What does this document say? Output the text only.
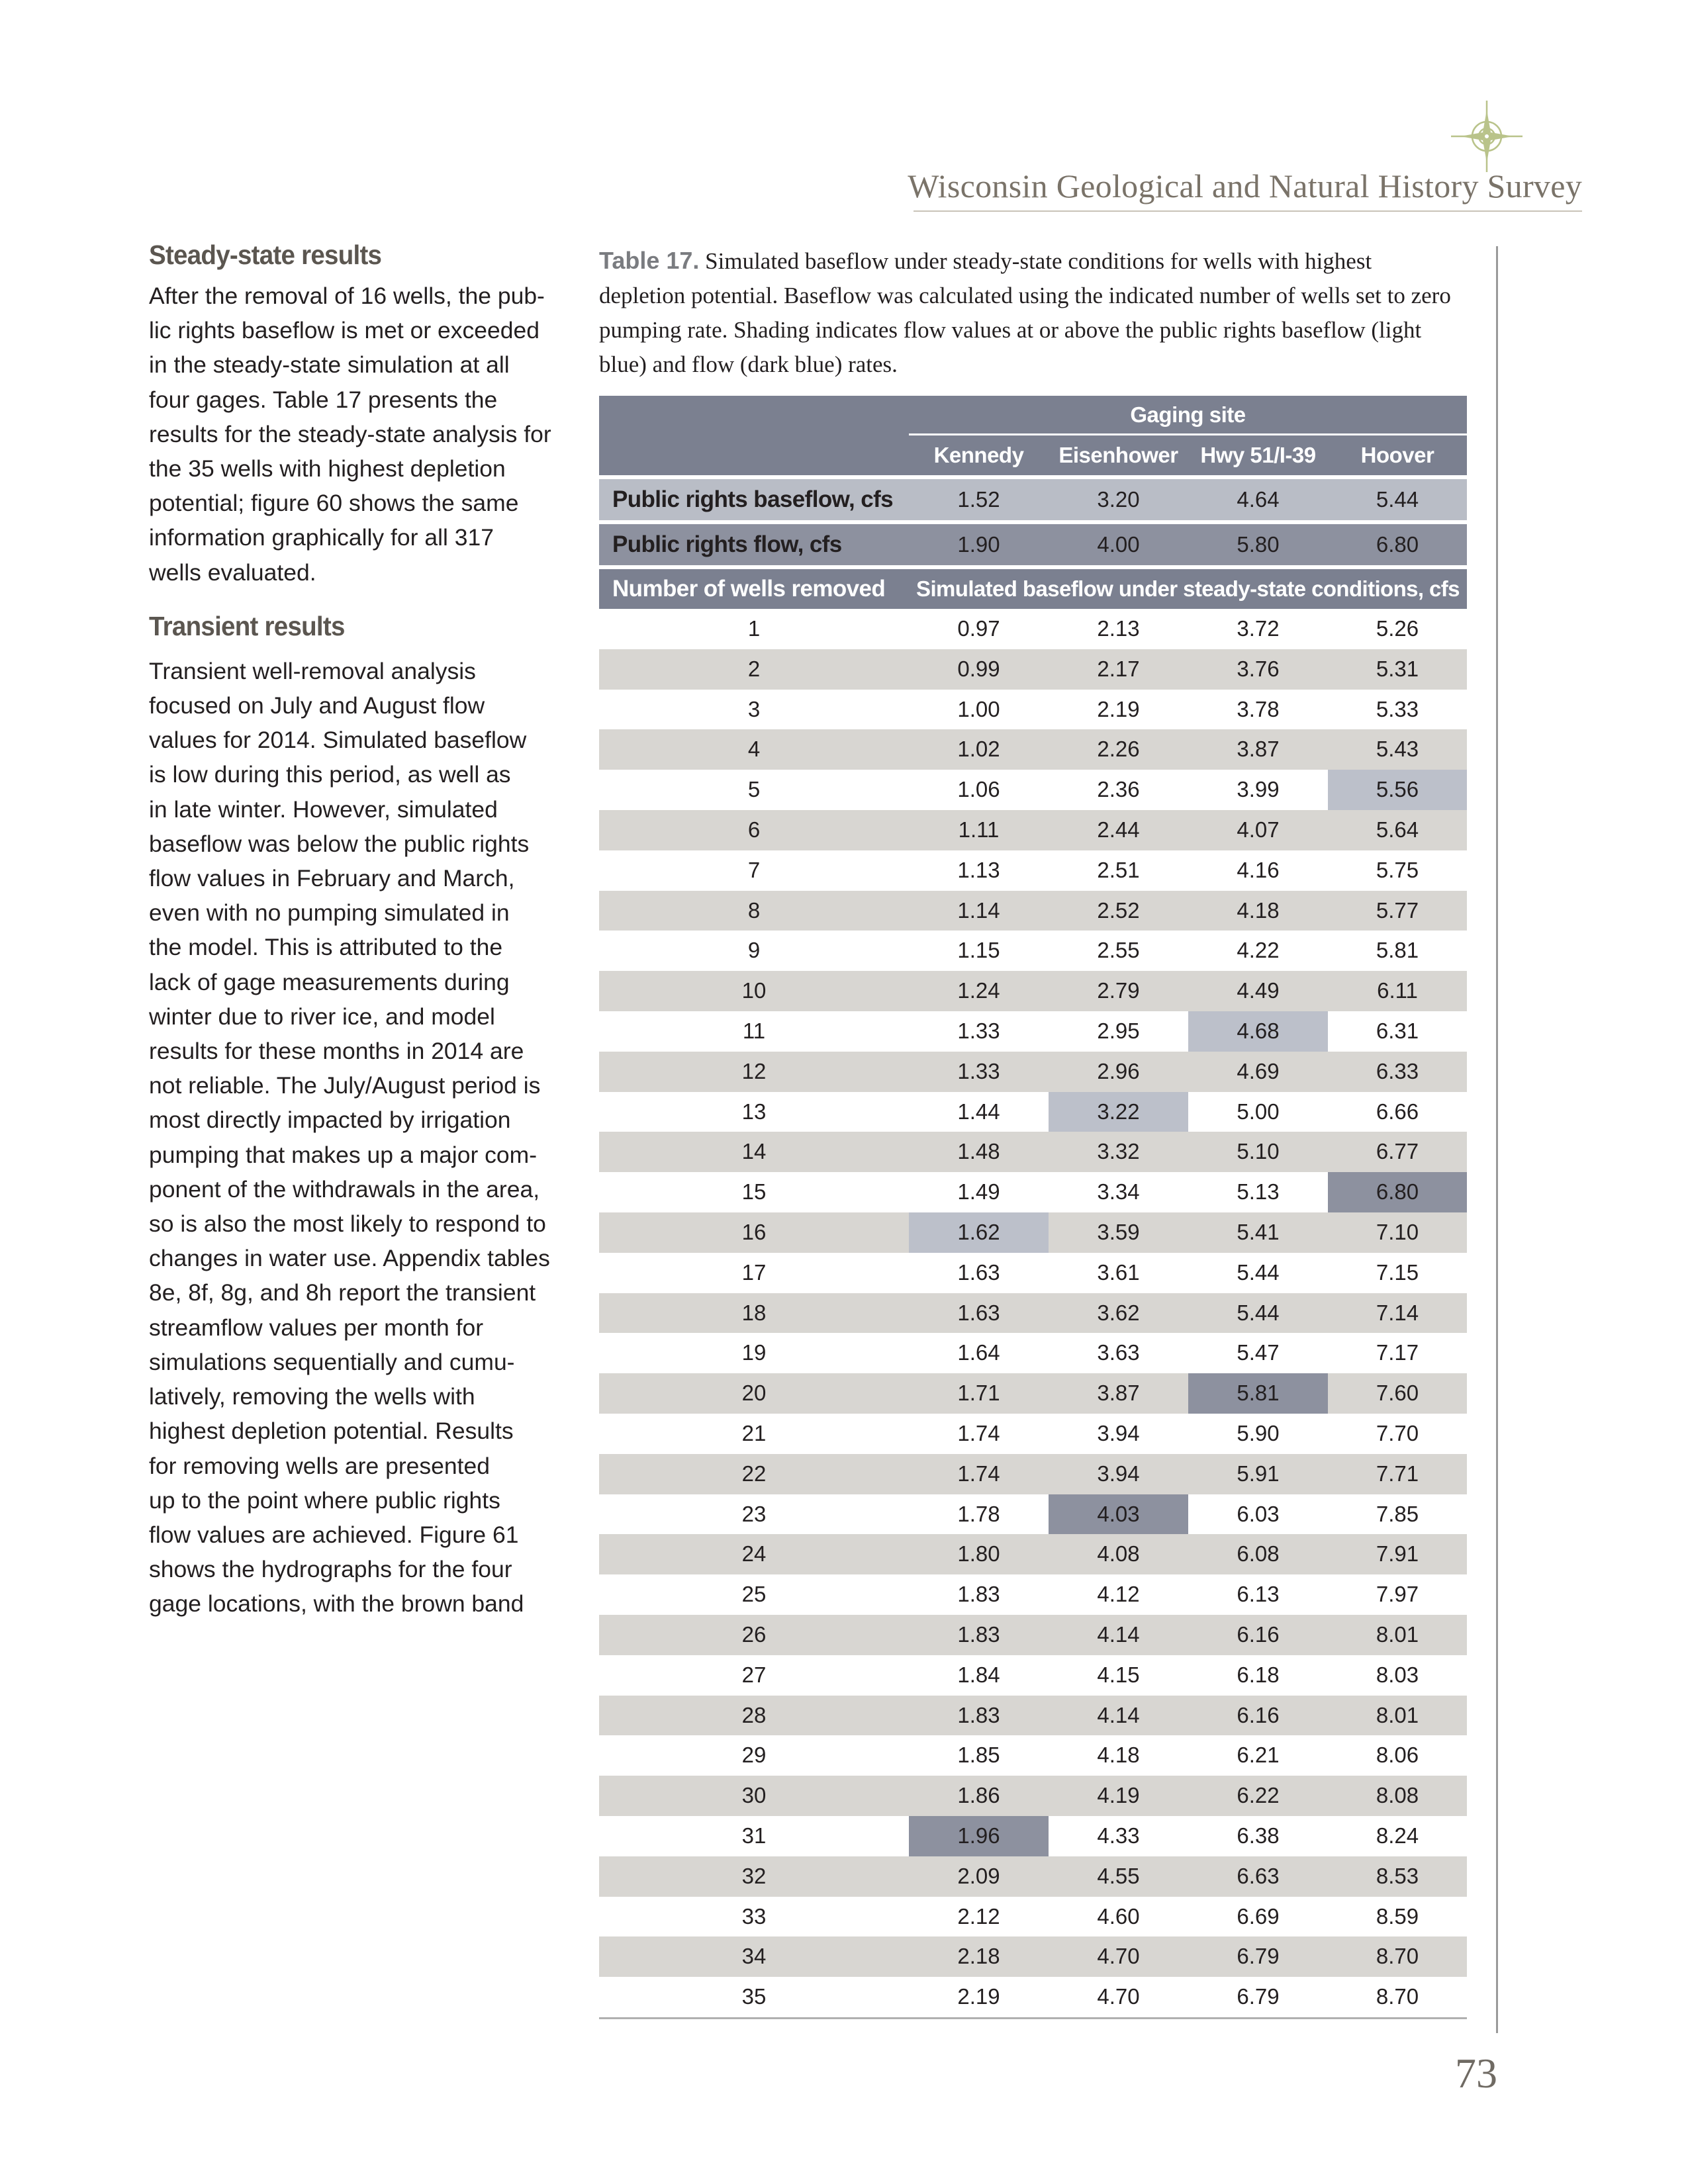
Wisconsin Geological and Natural History Survey
Steady-state results

After the removal of 16 wells, the pub-
lic rights baseflow is met or exceeded
in the steady-state simulation at all
four gages. Table 17 presents the
results for the steady-state analysis for
the 35 wells with highest depletion
potential; figure 60 shows the same
information graphically for all 317
wells evaluated.

Transient results

Transient well-removal analysis
focused on July and August flow
values for 2014. Simulated baseflow
is low during this period, as well as
in late winter. However, simulated
baseflow was below the public rights
flow values in February and March,
even with no pumping simulated in
the model. This is attributed to the
lack of gage measurements during
winter due to river ice, and model
results for these months in 2014 are
not reliable. The July/August period is
most directly impacted by irrigation
pumping that makes up a major com-
ponent of the withdrawals in the area,
so is also the most likely to respond to
changes in water use. Appendix tables
8e, 8f, 8g, and 8h report the transient
streamflow values per month for
simulations sequentially and cumu-
latively, removing the wells with
highest depletion potential. Results
for removing wells are presented
up to the point where public rights
flow values are achieved. Figure 61
shows the hydrographs for the four
gage locations, with the brown band

Table 17. Simulated baseflow under steady-state conditions for wells with highest depletion potential. Baseflow was calculated using the indicated number of wells set to zero pumping rate. Shading indicates flow values at or above the public rights baseflow (light blue) and flow (dark blue) rates.
Gaging site
Kennedy	Eisenhower	Hwy 51/I-39	Hoover
Public rights baseflow, cfs	1.52	3.20	4.64	5.44
Public rights flow, cfs	1.90	4.00	5.80	6.80
Number of wells removed	Simulated baseflow under steady-state conditions, cfs
1	0.97	2.13	3.72	5.26
2	0.99	2.17	3.76	5.31
3	1.00	2.19	3.78	5.33
4	1.02	2.26	3.87	5.43
5	1.06	2.36	3.99	5.56
6	1.11	2.44	4.07	5.64
7	1.13	2.51	4.16	5.75
8	1.14	2.52	4.18	5.77
9	1.15	2.55	4.22	5.81
10	1.24	2.79	4.49	6.11
11	1.33	2.95	4.68	6.31
12	1.33	2.96	4.69	6.33
13	1.44	3.22	5.00	6.66
14	1.48	3.32	5.10	6.77
15	1.49	3.34	5.13	6.80
16	1.62	3.59	5.41	7.10
17	1.63	3.61	5.44	7.15
18	1.63	3.62	5.44	7.14
19	1.64	3.63	5.47	7.17
20	1.71	3.87	5.81	7.60
21	1.74	3.94	5.90	7.70
22	1.74	3.94	5.91	7.71
23	1.78	4.03	6.03	7.85
24	1.80	4.08	6.08	7.91
25	1.83	4.12	6.13	7.97
26	1.83	4.14	6.16	8.01
27	1.84	4.15	6.18	8.03
28	1.83	4.14	6.16	8.01
29	1.85	4.18	6.21	8.06
30	1.86	4.19	6.22	8.08
31	1.96	4.33	6.38	8.24
32	2.09	4.55	6.63	8.53
33	2.12	4.60	6.69	8.59
34	2.18	4.70	6.79	8.70
35	2.19	4.70	6.79	8.70
73
